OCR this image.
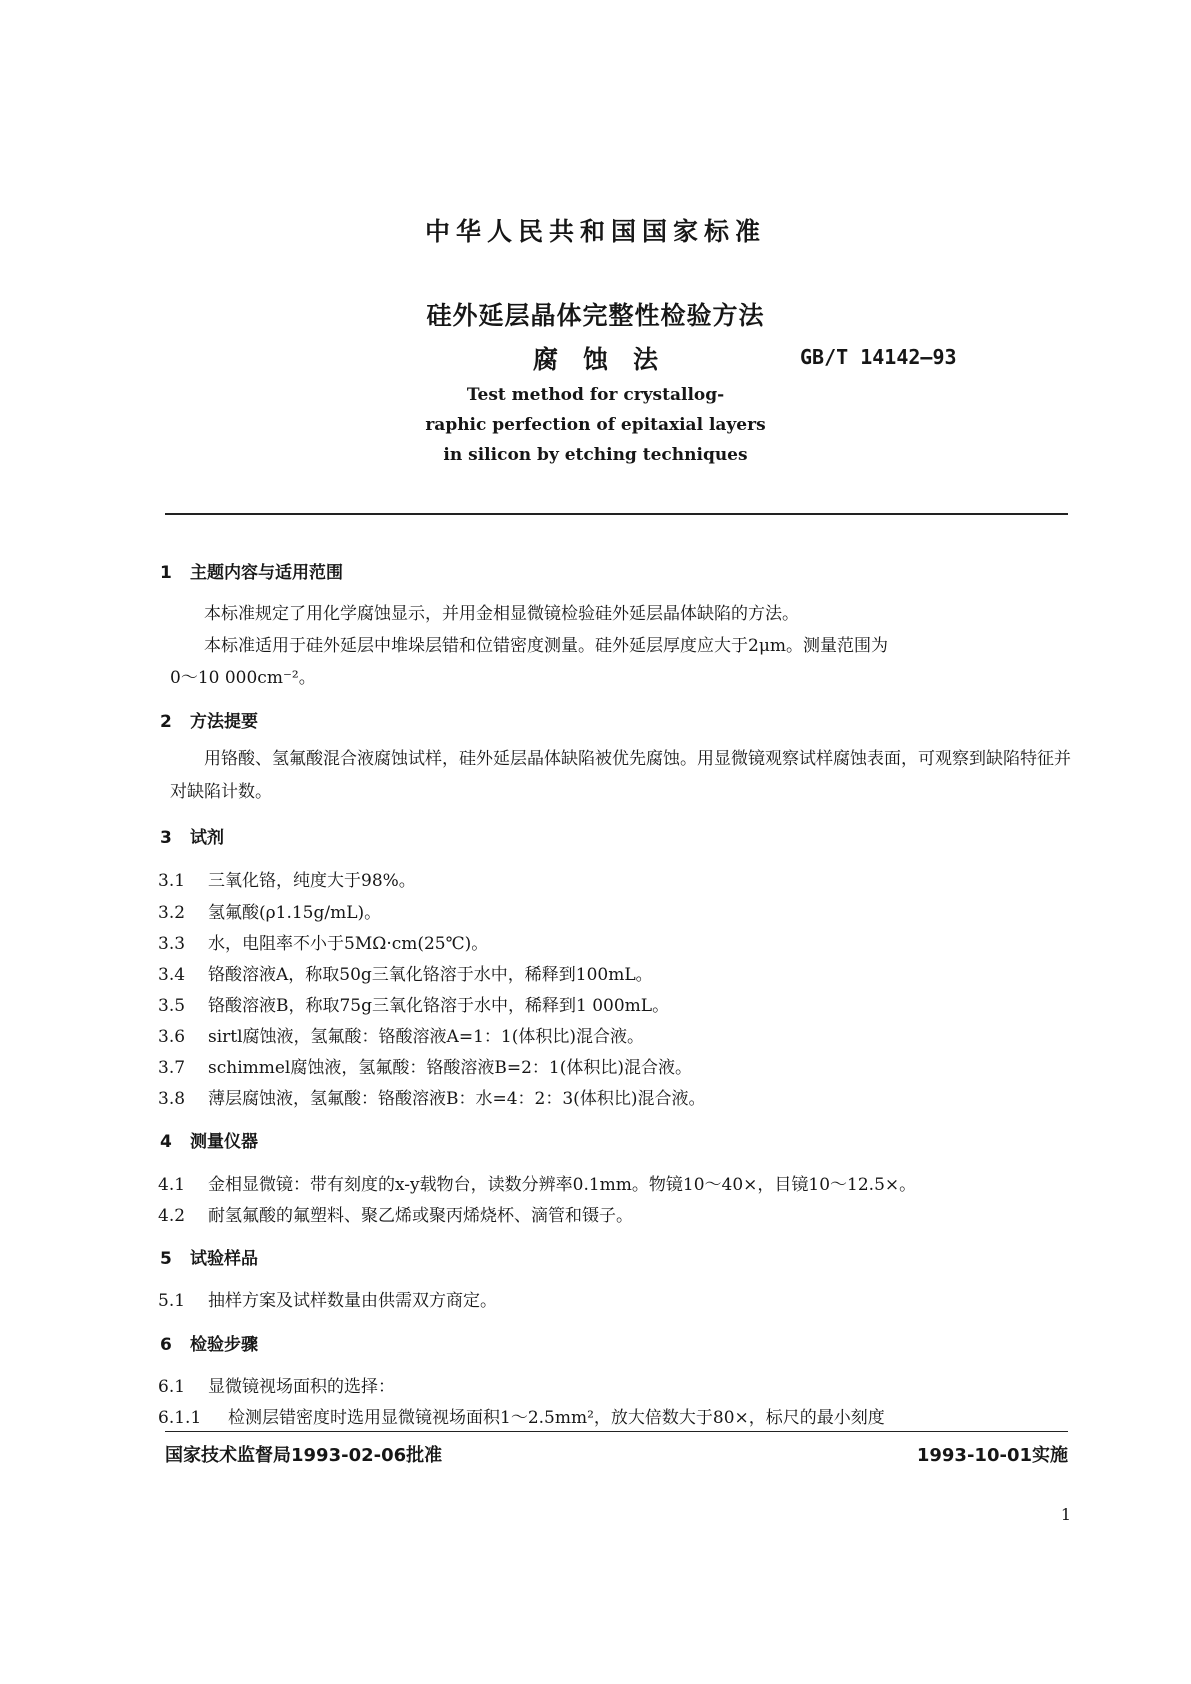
中华人民共和国国家标准
硅外延层晶体完整性检验方法
腐　蚀　法	GB/T 14142—93
Test method for crystallog-
raphic perfection of epitaxial layers
in silicon by etching techniques
1 主题内容与适用范围
本标准规定了用化学腐蚀显示，并用金相显微镜检验硅外延层晶体缺陷的方法。
本标准适用于硅外延层中堆垛层错和位错密度测量。硅外延层厚度应大于2μm。测量范围为
0～10 000cm⁻²。
2 方法提要
用铬酸、氢氟酸混合液腐蚀试样，硅外延层晶体缺陷被优先腐蚀。用显微镜观察试样腐蚀表面，可观察到缺陷特征并对缺陷计数。
3 试剂
3.1 三氧化铬，纯度大于98%。
3.2 氢氟酸(ρ1.15g/mL)。
3.3 水，电阻率不小于5MΩ·cm(25℃)。
3.4 铬酸溶液A，称取50g三氧化铬溶于水中，稀释到100mL。
3.5 铬酸溶液B，称取75g三氧化铬溶于水中，稀释到1 000mL。
3.6 sirtl腐蚀液，氢氟酸：铬酸溶液A=1：1(体积比)混合液。
3.7 schimmel腐蚀液，氢氟酸：铬酸溶液B=2：1(体积比)混合液。
3.8 薄层腐蚀液，氢氟酸：铬酸溶液B：水=4：2：3(体积比)混合液。
4 测量仪器
4.1 金相显微镜：带有刻度的x-y载物台，读数分辨率0.1mm。物镜10～40×，目镜10～12.5×。
4.2 耐氢氟酸的氟塑料、聚乙烯或聚丙烯烧杯、滴管和镊子。
5 试验样品
5.1 抽样方案及试样数量由供需双方商定。
6 检验步骤
6.1 显微镜视场面积的选择：
6.1.1 检测层错密度时选用显微镜视场面积1～2.5mm²，放大倍数大于80×，标尺的最小刻度
国家技术监督局1993-02-06批准	1993-10-01实施
1
